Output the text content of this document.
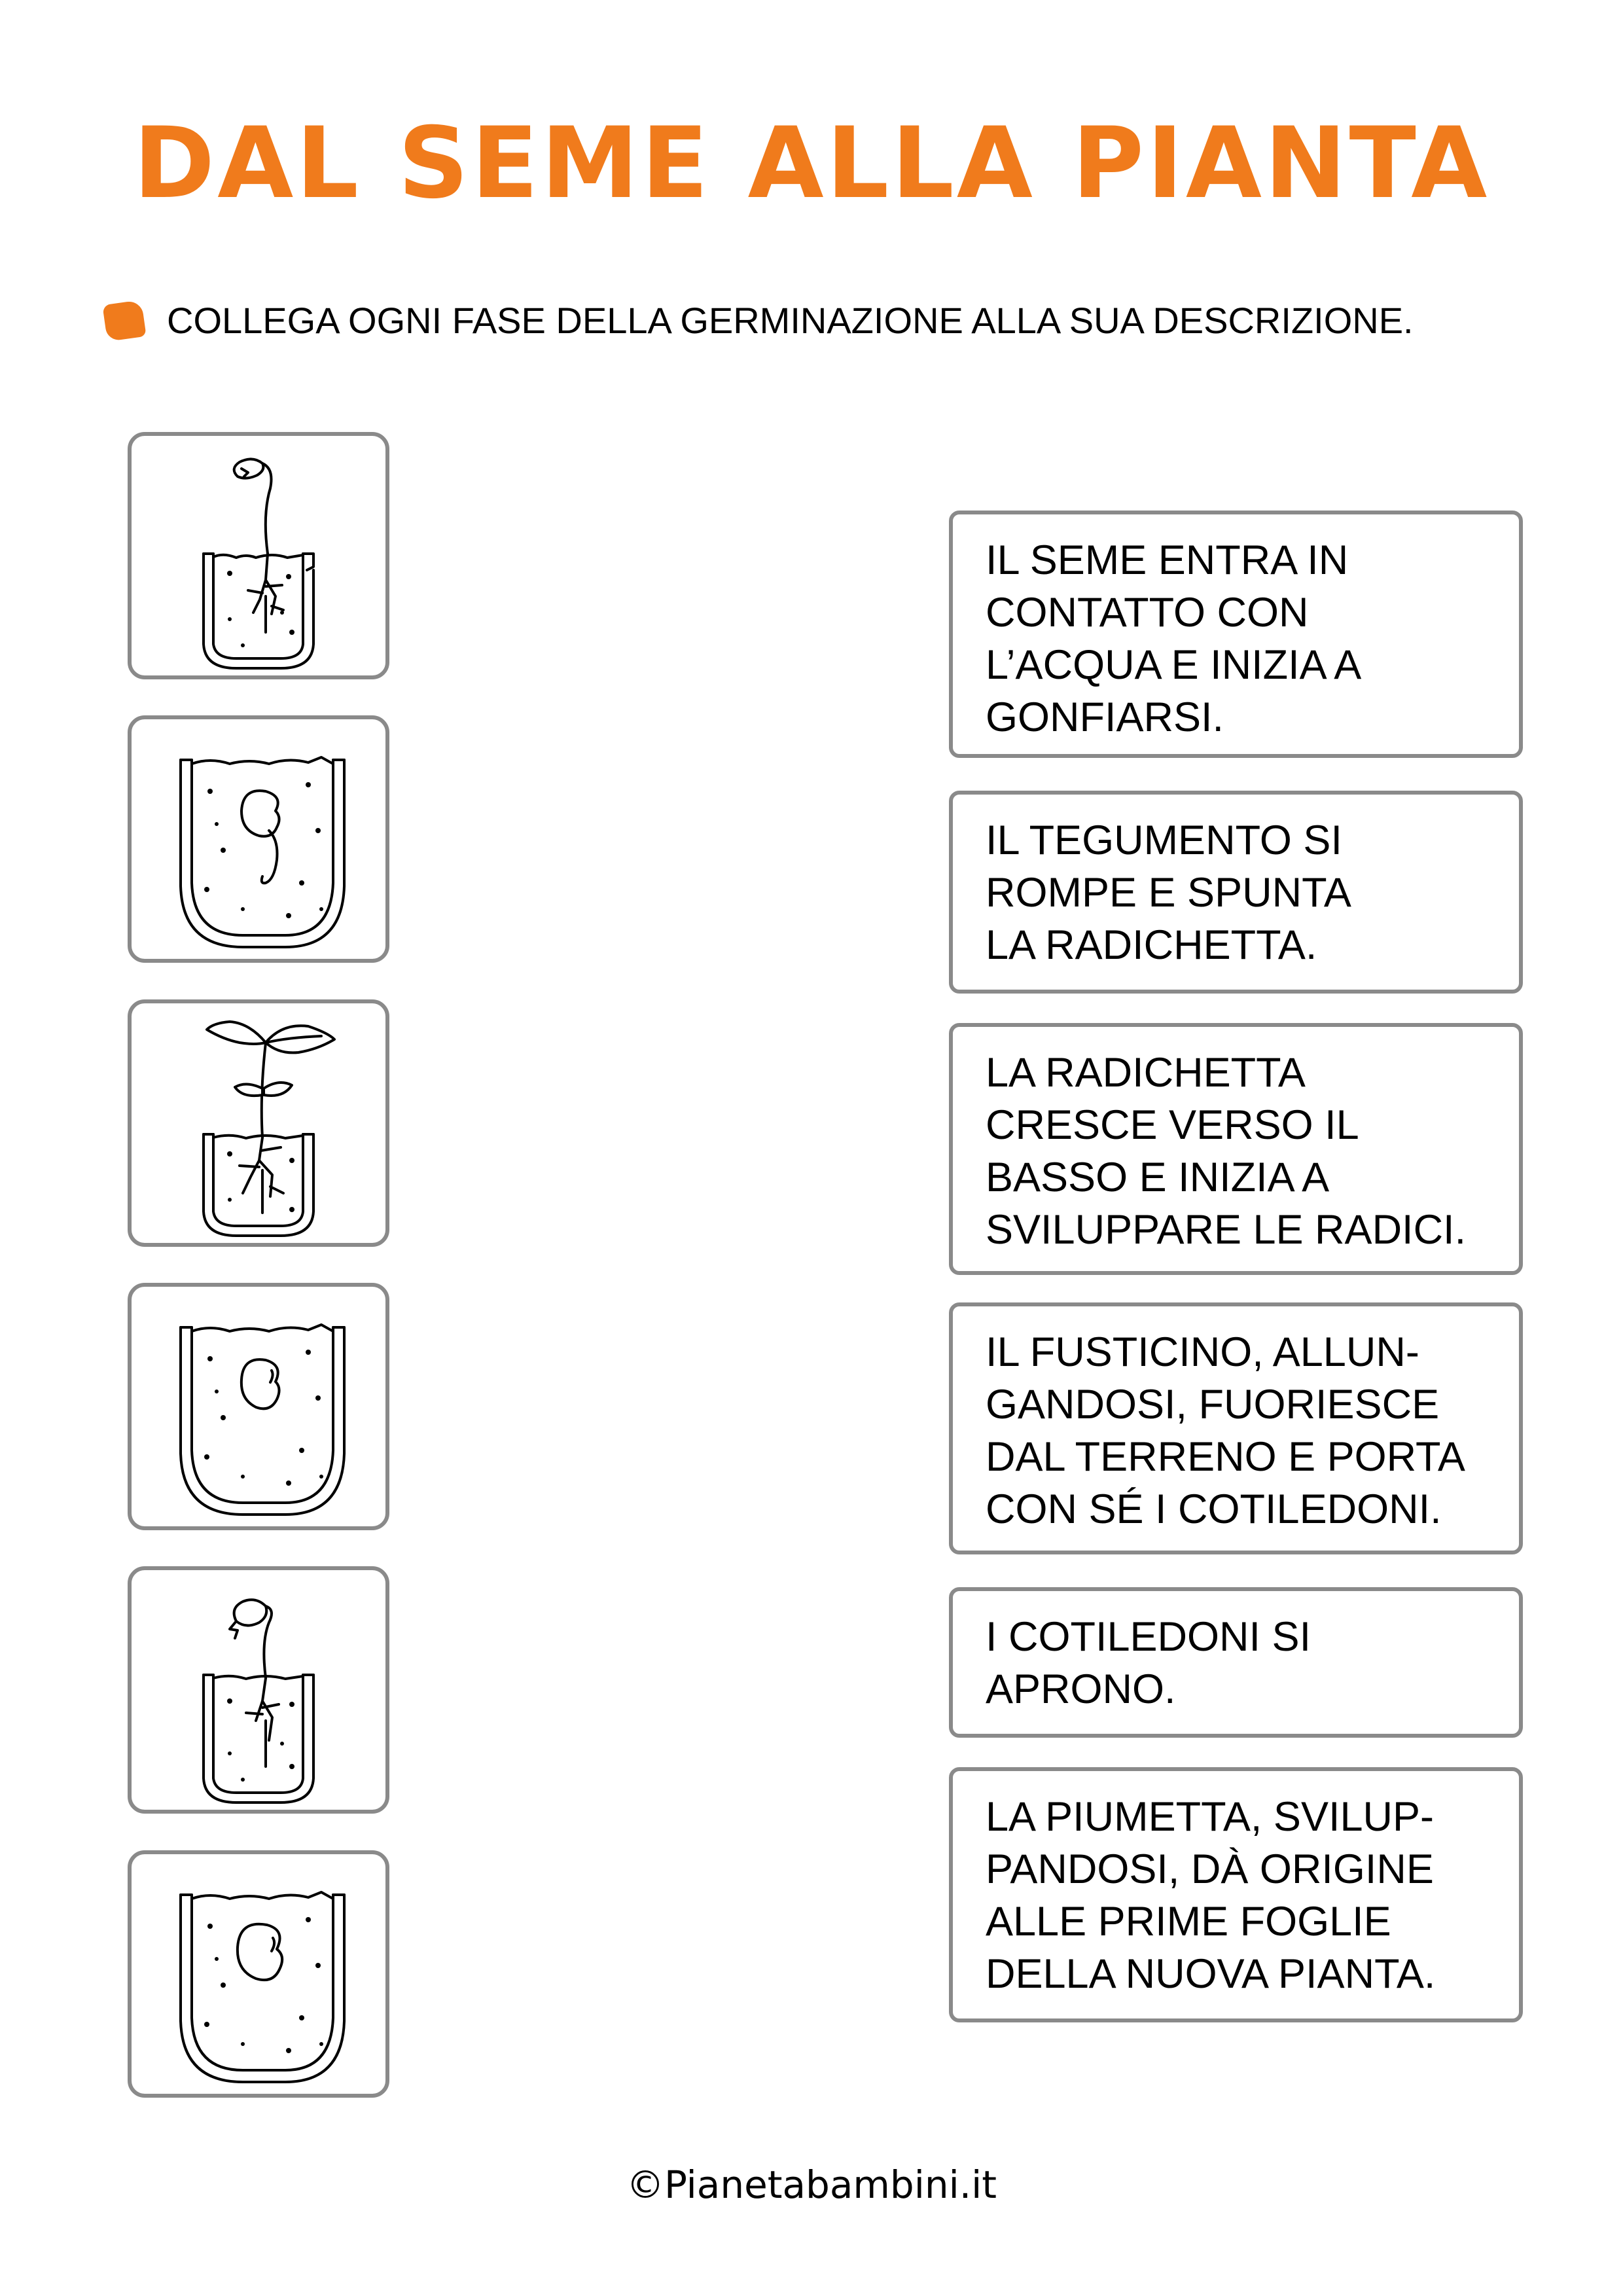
DAL SEME ALLA PIANTA
COLLEGA OGNI FASE DELLA GERMINAZIONE ALLA SUA DESCRIZIONE.
IL SEME ENTRA IN
CONTATTO CON
L’ACQUA E INIZIA A
GONFIARSI.
IL TEGUMENTO SI
ROMPE E SPUNTA
LA RADICHETTA.
LA RADICHETTA
CRESCE VERSO IL
BASSO E INIZIA A
SVILUPPARE LE RADICI.
IL FUSTICINO, ALLUN-
GANDOSI, FUORIESCE
DAL TERRENO E PORTA
CON SÉ I COTILEDONI.
I COTILEDONI SI
APRONO.
LA PIUMETTA, SVILUP-
PANDOSI, DÀ ORIGINE
ALLE PRIME FOGLIE
DELLA NUOVA PIANTA.
©Pianetabambini.it
